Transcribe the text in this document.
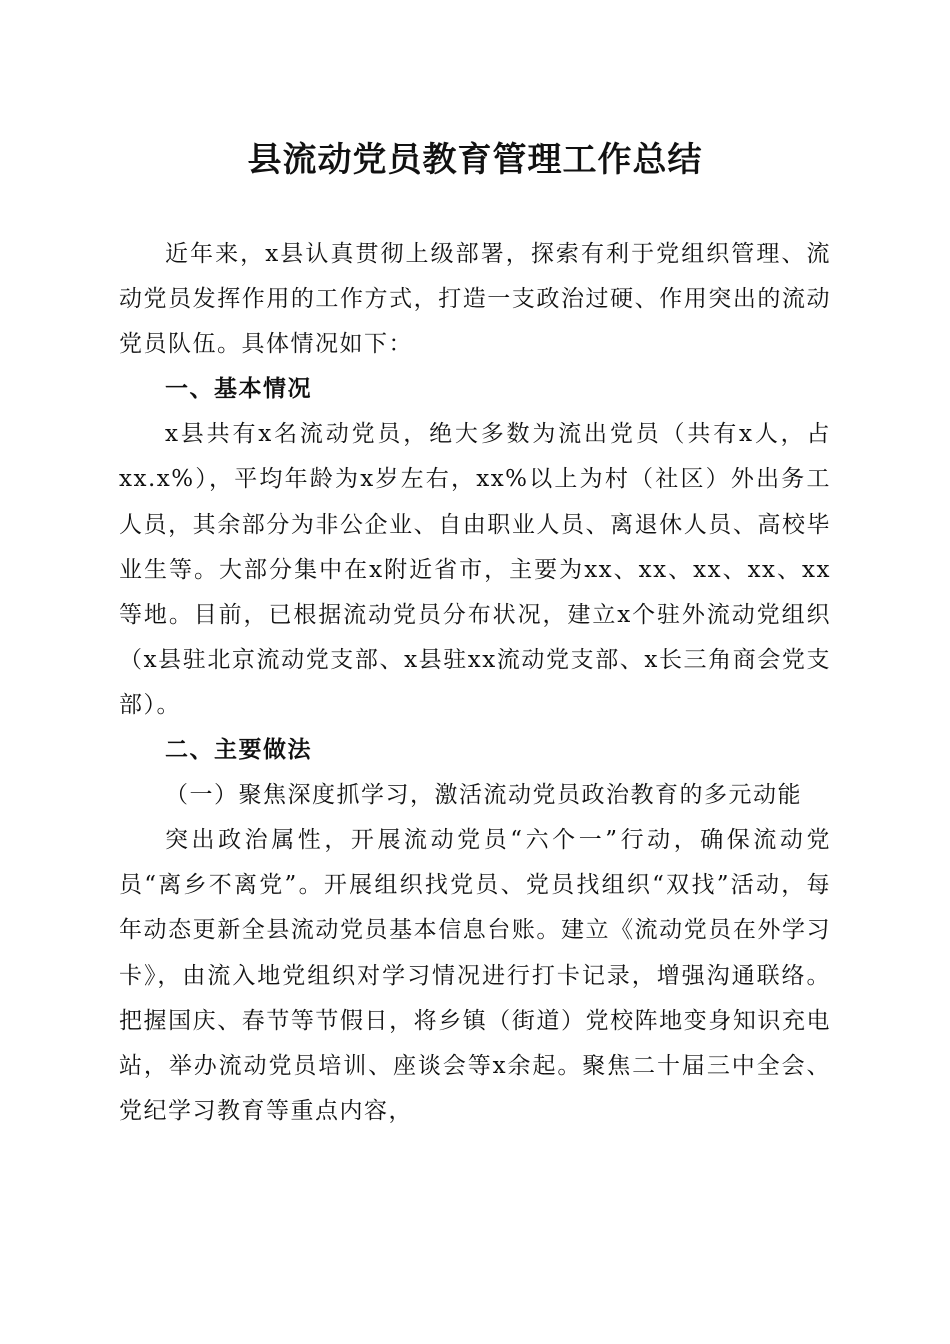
县流动党员教育管理工作总结

近年来，x县认真贯彻上级部署，探索有利于党组织管理、流动党员发挥作用的工作方式，打造一支政治过硬、作用突出的流动党员队伍。具体情况如下：

一、基本情况

x县共有x名流动党员，绝大多数为流出党员（共有x人，占xx.x%），平均年龄为x岁左右，xx%以上为村（社区）外出务工人员，其余部分为非公企业、自由职业人员、离退休人员、高校毕业生等。大部分集中在x附近省市，主要为xx、xx、xx、xx、xx等地。目前，已根据流动党员分布状况，建立x个驻外流动党组织（x县驻北京流动党支部、x县驻xx流动党支部、x长三角商会党支部）。

二、主要做法
（一）聚焦深度抓学习，激活流动党员政治教育的多元动能

突出政治属性，开展流动党员“六个一”行动，确保流动党员“离乡不离党”。开展组织找党员、党员找组织“双找”活动，每年动态更新全县流动党员基本信息台账。建立《流动党员在外学习卡》，由流入地党组织对学习情况进行打卡记录，增强沟通联络。把握国庆、春节等节假日，将乡镇（街道）党校阵地变身知识充电站，举办流动党员培训、座谈会等x余起。聚焦二十届三中全会、党纪学习教育等重点内容，
